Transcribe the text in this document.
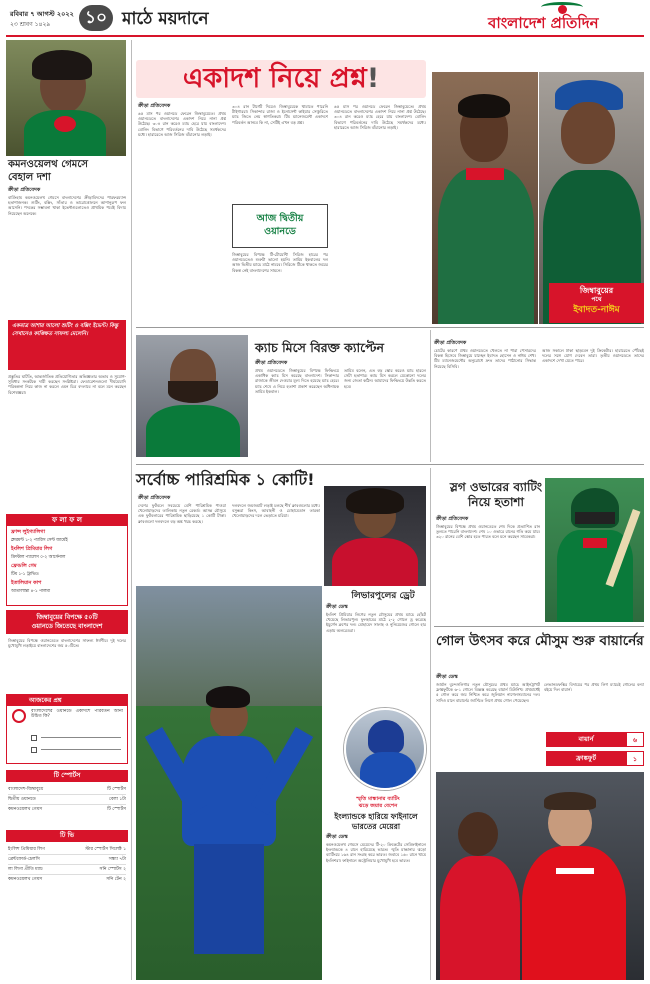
রবিবার ৭ আগস্ট ২০২২
২৩ শ্রাবণ ১৪২৯	১০ মাঠে ময়দানে	বাংলাদেশ প্রতিদিন
কমনওয়েলথ গেমসে
বেহাল দশা
ক্রীড়া প্রতিবেদক
বার্মিংহাম কমনওয়েলথ গেমসে বাংলাদেশের ক্রীড়াবিদদের পারফরম্যান্স হতাশাজনক। শুটিং, বক্সিং, সাঁতার ও ভারোত্তোলনে আশানুরূপ ফল আসেনি। পদকের সম্ভাবনা থাকা ইভেন্টগুলোতেও প্রাথমিক পর্বেই বিদায় নিয়েছেন অনেকে।
একমাত্র আশার আলো শুটিং ও বক্সিং ইভেন্ট। কিন্তু সেখানেও কাঙ্ক্ষিত সাফল্য মেলেনি।
প্রস্তুতির ঘাটতি, আন্তর্জাতিক প্রতিযোগিতার অভিজ্ঞতার অভাব ও সুযোগ-সুবিধার সংকটকে দায়ী করছেন সংশ্লিষ্টরা। ফেডারেশনগুলো দীর্ঘমেয়াদি পরিকল্পনা নিয়ে কাজ না করলে এমন চিত্র বদলাবে না বলে মনে করছেন বিশেষজ্ঞরা।
ফ লা ফ ল
ফ্রান্স লুইগ্যালিগা
ক্লারমন্ট ১-২ প্যারিস সেন্ট জার্মেই
ইংলিশ প্রিমিয়ার লিগ
ক্রিস্টাল প্যালেস ০-২ আর্সেনাল
ফ্রেন্ডলি গেম
টিম ১-১ ট্রাভিও
ইতালিয়ান কাপ
আতালান্তা ৪-১ পালমা
জিম্বাবুয়ের বিপক্ষে ৫০টি
ওয়ানডে জিতেছে বাংলাদেশ
জিম্বাবুয়ের বিপক্ষে ওয়ানডেতে বাংলাদেশের সাফল্য ঈর্ষণীয়। দুই দলের মুখোমুখি লড়াইয়ে বাংলাদেশের জয় ৫০টিতে।
আজকের প্রশ্ন
বাংলাদেশের ওয়ানডে একাদশে পরিবর্তন আনা উচিত কি?
টি স্পোর্টস
বাংলাদেশ-জিম্বাবুয়ে	টি স্পোর্টস
দ্বিতীয় ওয়ানডে	বেলা ১টা
কমনওয়েলথ গেমস	টি স্পোর্টস
টি ভি
ইংলিশ প্রিমিয়ার লিগ	স্টার স্পোর্টস সিলেক্ট ১
ব্রেন্টফোর্ড-চেলসি	সন্ধ্যা ৭টা
লা লিগা প্রীতি ম্যাচ	সনি স্পোর্টস ২
কমনওয়েলথ গেমস	সনি টেন ২
একাদশ নিয়ে প্রশ্ন!
ক্রীড়া প্রতিবেদক
৬৫ মাস পর ওয়ানডে ফেরেন জিম্বাবুয়েতে। প্রথম ওয়ানডেতে বাংলাদেশের একাদশ নিয়ে নানা প্রশ্ন উঠেছে। ৩০৪ রান করেও ম্যাচ হেরে যায় বাংলাদেশ। বোলিং বিভাগে পরিবর্তনের দাবি উঠেছে সমর্থকদের মধ্যে। হারারেতে আজ সিরিজ বাঁচানোর লড়াই।
৩০৪ রান টার্গেট দিয়েও জিম্বাবুয়েকে থামাতে পারেনি টাইগাররা। সিকান্দার রাজা ও ইনোসেন্ট কাইয়ার সেঞ্চুরিতে ম্যাচ জিতে নেয় স্বাগতিকরা। টিম ম্যানেজমেন্ট একাদশে পরিবর্তন আনবে কি না, সেটিই এখন বড় প্রশ্ন।
আজ দ্বিতীয়
ওয়ানডে
জিম্বাবুয়ের বিপক্ষে টি-টোয়েন্টি সিরিজ হারের পর ওয়ানডেতেও শুরুটা ভালো হয়নি। তামিম ইকবালের দল আজ দ্বিতীয় ম্যাচে মাঠে নামবে। সিরিজে টিকে থাকতে জয়ের বিকল্প নেই বাংলাদেশের সামনে।
৬৫ মাস পর ওয়ানডে ফেরেন জিম্বাবুয়েতে। প্রথম ওয়ানডেতে বাংলাদেশের একাদশ নিয়ে নানা প্রশ্ন উঠেছে। ৩০৪ রান করেও ম্যাচ হেরে যায় বাংলাদেশ। বোলিং বিভাগে পরিবর্তনের দাবি উঠেছে সমর্থকদের মধ্যে। হারারেতে আজ সিরিজ বাঁচানোর লড়াই।
জিম্বাবুয়ের
পথে
ইবাদত-নাঈম
ক্যাচ মিসে বিরক্ত ক্যাপ্টেন
ক্রীড়া প্রতিবেদক
প্রথম ওয়ানডেতে জিম্বাবুয়ের বিপক্ষে ফিল্ডিংয়ে একাধিক ক্যাচ মিস করেছে বাংলাদেশ। সিকান্দার রাজাকে জীবন দেওয়ার মূল্য দিতে হয়েছে ম্যাচ হেরে। ম্যাচ শেষে এ নিয়ে হতাশা প্রকাশ করেছেন অধিনায়ক তামিম ইকবাল।
তামিম বলেন, এত বড় স্কোর করেও ম্যাচ হারলে সেটা হতাশার। ক্যাচ মিস করলে যেকোনো দলের জন্য জেতা কঠিন। আমাদের ফিল্ডিংয়ে উন্নতি করতে হবে।
ক্রীড়া প্রতিবেদক
চোটের কারণে প্রথম ওয়ানডেতে খেলতে না পারা পেসারদের বিকল্প হিসেবে জিম্বাবুয়ে যাচ্ছেন ইবাদত হোসেন ও নাঈম শেখ। টিম ম্যানেজমেন্টের অনুরোধে দ্রুত তাদের পাঠানোর সিদ্ধান্ত নিয়েছে বিসিবি।
আজ সকালে ঢাকা ছাড়বেন দুই ক্রিকেটার। হারারেতে পৌঁছেই দলের সঙ্গে যোগ দেবেন তারা। তৃতীয় ওয়ানডেতে তাদের একাদশে দেখা যেতে পারে।
সর্বোচ্চ পারিশ্রমিক ১ কোটি!
ক্রীড়া প্রতিবেদক
দেশের ফুটবলে সবচেয়ে বেশি পারিশ্রমিক পাওয়া খেলোয়াড়দের তালিকায় নতুন রেকর্ড। আসন্ন মৌসুমে এক ফুটবলারের পারিশ্রমিক ছাড়িয়েছে ১ কোটি টাকা। ক্লাবগুলো দলবদলে বড় অঙ্ক খরচ করছে।
দলবদলে জমজমাট লড়াই চলছে শীর্ষ ক্লাবগুলোর মধ্যে। বসুন্ধরা কিংস, আবাহনী ও মোহামেডান তারকা খেলোয়াড়দের দলে ভেড়াতে মরিয়া।
লিভারপুলের ড্রেট
ক্রীড়া ডেস্ক
ইংলিশ প্রিমিয়ার লিগের নতুন মৌসুমের প্রথম ম্যাচে হোঁচট খেয়েছে লিভারপুল। ফুলহামের মাঠে ২-২ গোলে ড্র করেছে ইয়ুর্গেন ক্লপের দল। মোহামেদ সালাহ ও নুনিয়েজের গোলে হার এড়ায় অলরেডরা।
স্মৃতি মান্ধানার ব্যাটিং
ঝড়ে জয়ার বেশেন
ইংল্যান্ডকে হারিয়ে ফাইনালে
ভারতের মেয়েরা
ক্রীড়া ডেস্ক
কমনওয়েলথ গেমসে মেয়েদের টি-২০ ক্রিকেটের সেমিফাইনালে ইংল্যান্ডকে ৪ রানে হারিয়েছে ভারত। স্মৃতি মান্ধানার ঝড়ো ব্যাটিংয়ে ১৬৪ রান সংগ্রহ করে ভারত। জবাবে ১৬০ রানে থামে ইংলিশরা। ফাইনালে অস্ট্রেলিয়ার মুখোমুখি হবে ভারত।
স্লগ ওভারের ব্যাটিং
নিয়ে হতাশা
ক্রীড়া প্রতিবেদক
জিম্বাবুয়ের বিপক্ষে প্রথম ওয়ানডেতে শেষ দিকে প্রত্যাশিত রান তুলতে পারেনি বাংলাদেশ। শেষ ১০ ওভারে রানের গতি কমে যায়। ৩২০ রানের বেশি স্কোর হতে পারত বলে মনে করছেন সাবেকরা।
গোল উৎসব করে মৌসুম শুরু বায়ার্নের
ক্রীড়া ডেস্ক
জার্মান বুন্দেসলিগার নতুন মৌসুমের প্রথম ম্যাচে আইনট্রাখট ফ্রাঙ্কফুর্টকে ৬-১ গোলে বিধ্বস্ত করেছে বায়ার্ন মিউনিখ। প্রথমার্ধেই ৫ গোল করে জয় নিশ্চিত করে জুলিয়ান নাগেলসম্যানের দল। সাদিও মানে বায়ার্নের জার্সিতে লিগে প্রথম গোল পেয়েছেন।
লেভানডফস্কির বিদায়ের পর প্রথম লিগ ম্যাচেই গোলের বন্যা বইয়ে দিল বায়ার্ন।
বায়ার্ন	৬
ফ্রাঙ্কফুর্ট	১
